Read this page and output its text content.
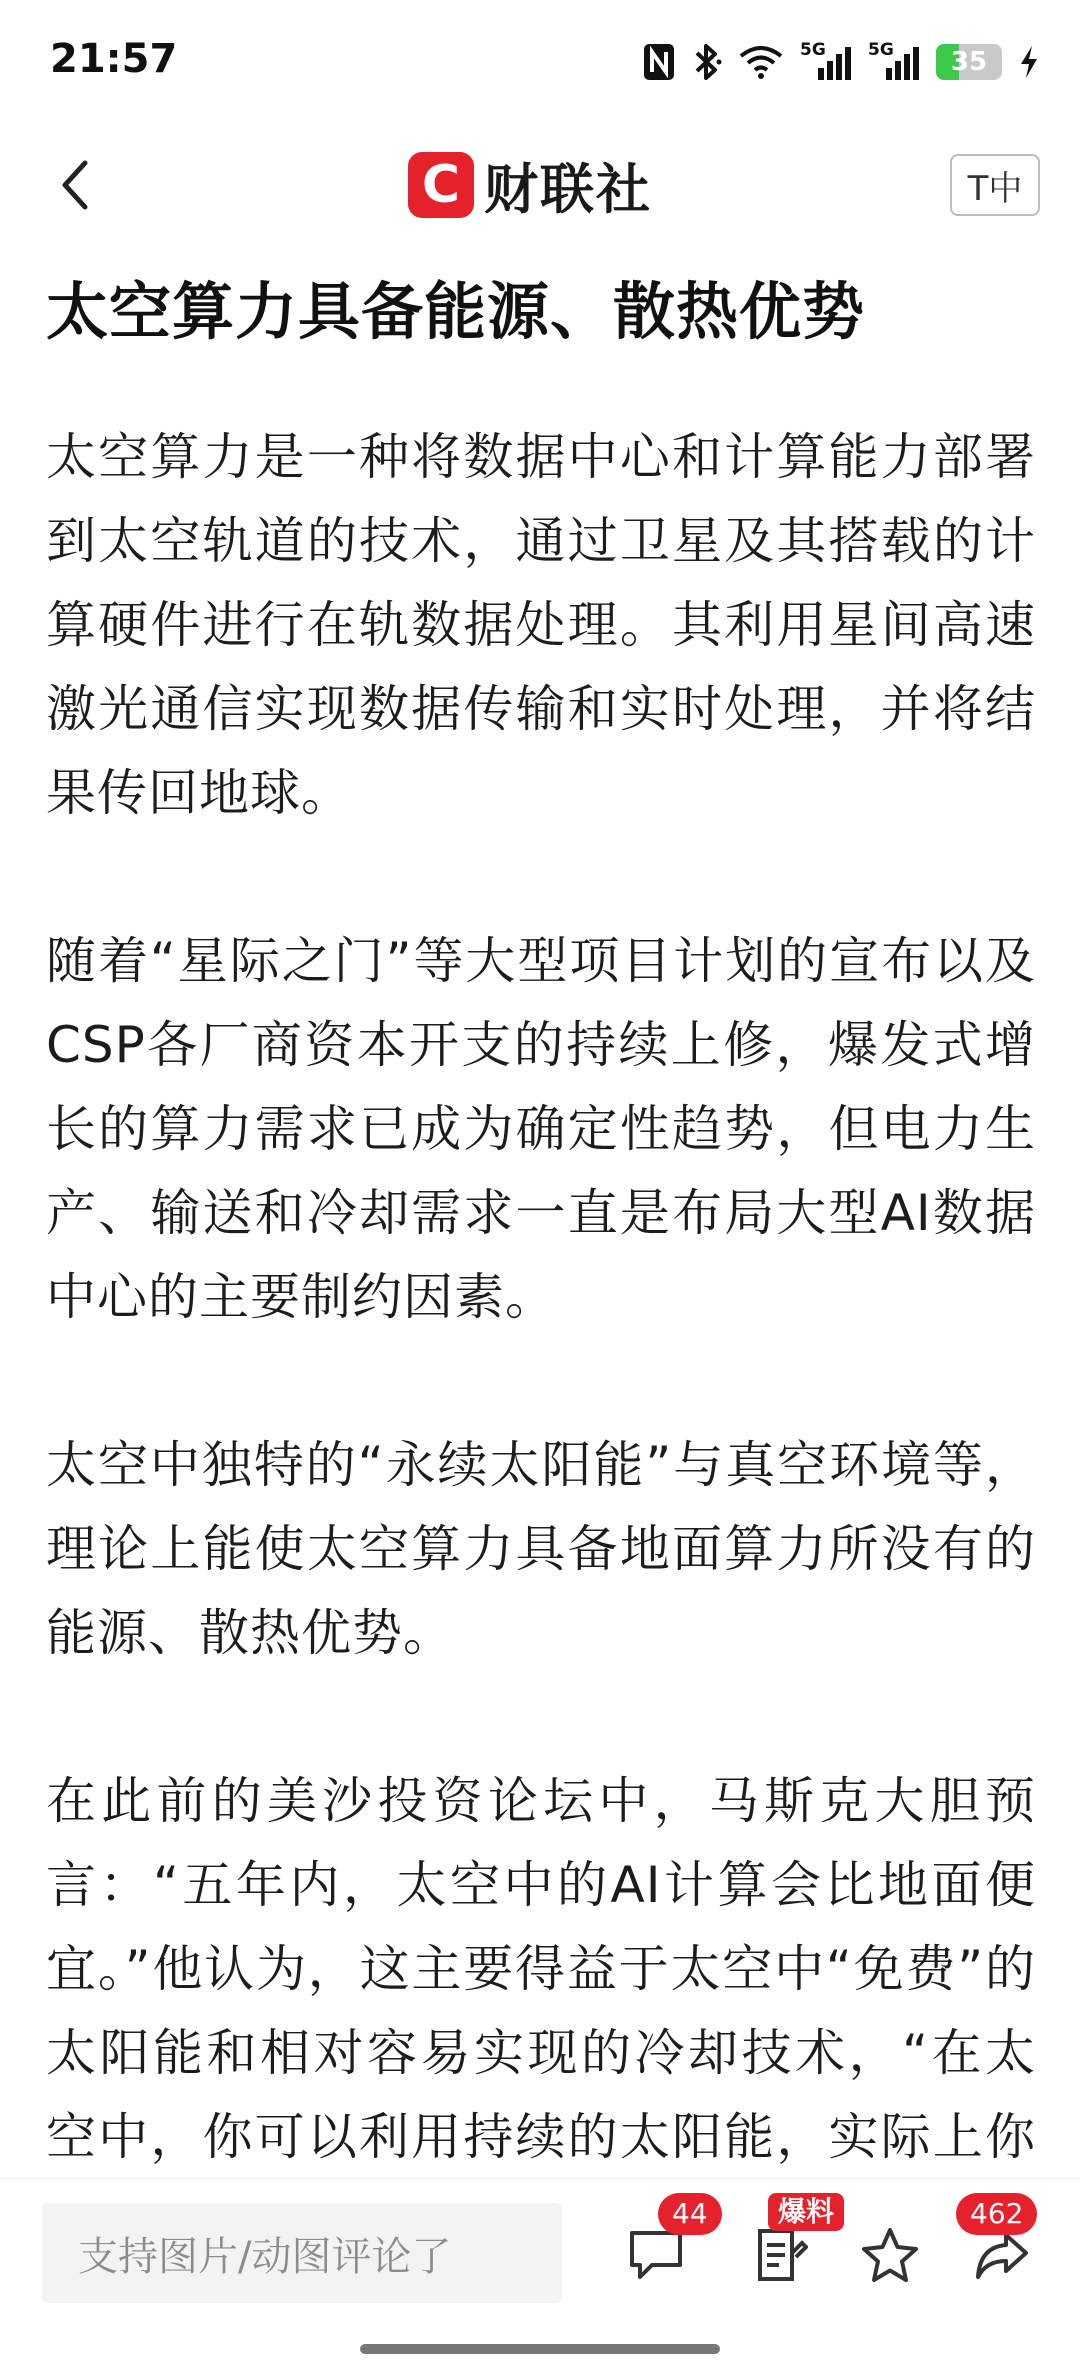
21:57	5G 5G	35
C 财联社	T中
太空算力具备能源、散热优势

太空算力是一种将数据中心和计算能力部署到太空轨道的技术，通过卫星及其搭载的计算硬件进行在轨数据处理。其利用星间高速激光通信实现数据传输和实时处理，并将结果传回地球。

随着“星际之门”等大型项目计划的宣布以及CSP各厂商资本开支的持续上修，爆发式增长的算力需求已成为确定性趋势，但电力生产、输送和冷却需求一直是布局大型AI数据中心的主要制约因素。

太空中独特的“永续太阳能”与真空环境等，理论上能使太空算力具备地面算力所没有的能源、散热优势。

在此前的美沙投资论坛中，马斯克大胆预言：“五年内，太空中的AI计算会比地面便宜。”他认为，这主要得益于太空中“免费”的太阳能和相对容易实现的冷却技术，“在太空中，你可以利用持续的太阳能，实际上你

支持图片/动图评论了
44	爆料	462
